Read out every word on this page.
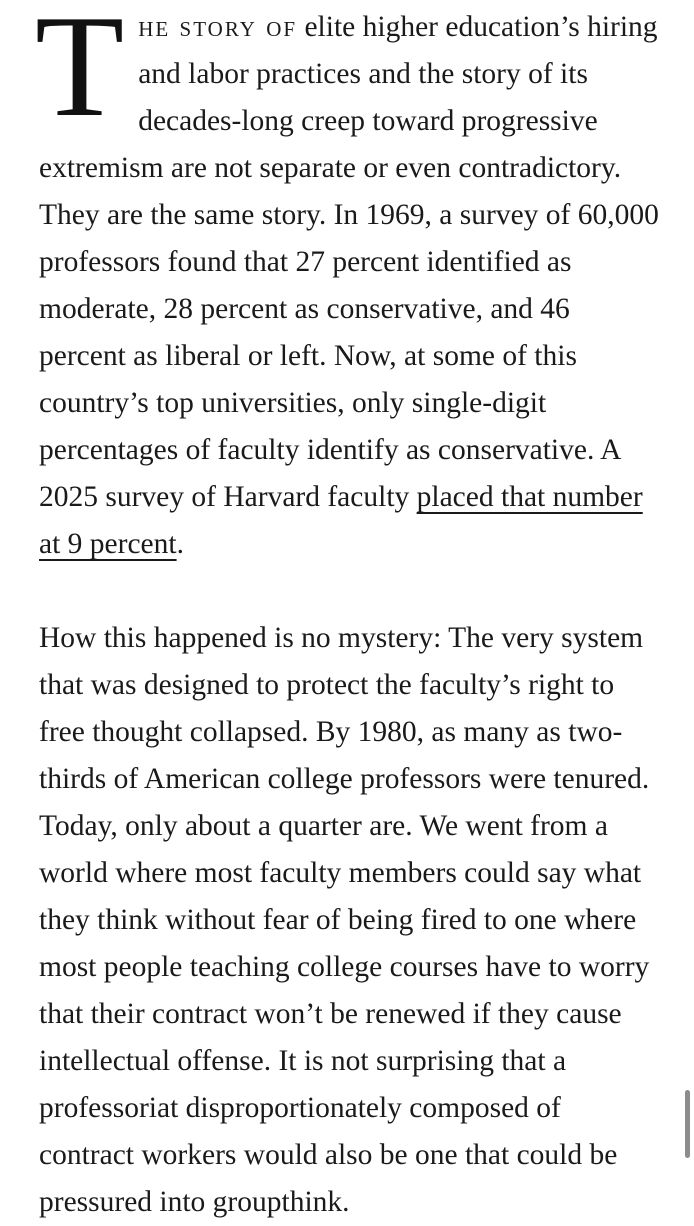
The story of elite higher education’s hiring and labor practices and the story of its decades-long creep toward progressive extremism are not separate or even contradictory. They are the same story. In 1969, a survey of 60,000 professors found that 27 percent identified as moderate, 28 percent as conservative, and 46 percent as liberal or left. Now, at some of this country’s top universities, only single-digit percentages of faculty identify as conservative. A 2025 survey of Harvard faculty placed that number at 9 percent.

How this happened is no mystery: The very system that was designed to protect the faculty’s right to free thought collapsed. By 1980, as many as two-thirds of American college professors were tenured. Today, only about a quarter are. We went from a world where most faculty members could say what they think without fear of being fired to one where most people teaching college courses have to worry that their contract won’t be renewed if they cause intellectual offense. It is not surprising that a professoriat disproportionately composed of contract workers would also be one that could be pressured into groupthink.
